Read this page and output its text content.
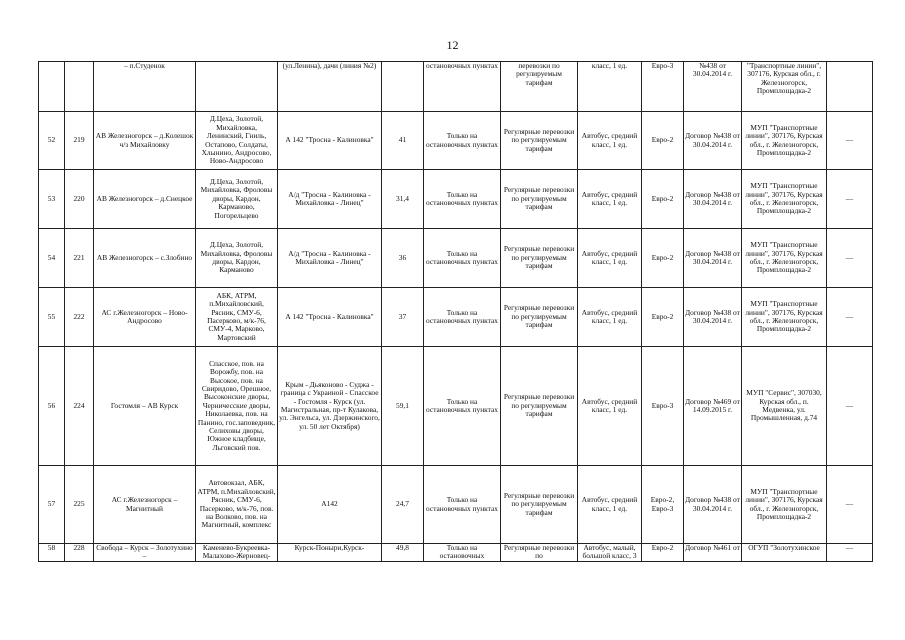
12
		– п.Студенок		(ул.Ленина), дачи (линия №2)		остановочных пунктах	перевозки по регулируемым тарифам	класс, 1 ед.	Евро-3	№438 от 30.04.2014 г.	"Транспортные линии", 307176, Курская обл., г. Железногорск, Промплощадка-2	
52	219	АВ Железногорск – д.Колешок ч/з Михайловку	Д.Цеха, Золотой, Михайловка, Ленинский, Гниль, Остапово, Солдаты, Хлынино, Андросово, Ново-Андросово	А 142 "Тросна - Калиновка"	41	Только на остановочных пунктах	Регулярные перевозки по регулируемым тарифам	Автобус, средний класс, 1 ед.	Евро-2	Договор №438 от 30.04.2014 г.	МУП "Транспортные линии", 307176, Курская обл., г. Железногорск, Промплощадка-2	—
53	220	АВ Железногорск – д.Снецкое	Д.Цеха, Золотой, Михайловка, Фроловы дворы, Кардон, Карманово, Погорельцево	А/д "Тросна - Калиновка - Михайловка - Линец"	31,4	Только на остановочных пунктах	Регулярные перевозки по регулируемым тарифам	Автобус, средний класс, 1 ед.	Евро-2	Договор №438 от 30.04.2014 г.	МУП "Транспортные линии", 307176, Курская обл., г. Железногорск, Промплощадка-2	—
54	221	АВ Железногорск – с.Злобино	Д.Цеха, Золотой, Михайловка, Фроловы дворы, Кардон, Карманово	А/д "Тросна - Калиновка - Михайловка - Линец"	36	Только на остановочных пунктах	Регулярные перевозки по регулируемым тарифам	Автобус, средний класс, 1 ед.	Евро-2	Договор №438 от 30.04.2014 г.	МУП "Транспортные линии", 307176, Курская обл., г. Железногорск, Промплощадка-2	—
55	222	АС г.Железногорск – Ново-Андросово	АБК, АТРМ, п.Михайловский, Рясник, СМУ-6, Пасерково, м/к-76, СМУ-4, Марково, Мартовский	А 142 "Тросна - Калиновка"	37	Только на остановочных пунктах	Регулярные перевозки по регулируемым тарифам	Автобус, средний класс, 1 ед.	Евро-2	Договор №438 от 30.04.2014 г.	МУП "Транспортные линии", 307176, Курская обл., г. Железногорск, Промплощадка-2	—
56	224	Гостомля – АВ Курск	Спасское, пов. на Ворожбу, пов. на Высокое, пов. на Свиридово, Орешное, Высоконские дворы, Черничесские дворы, Николаевка, пов. на Панино, гос.заповедник, Селиховы дворы, Южное кладбище, Льговский пов.	Крым - Дьяконово - Суджа - граница с Украиной - Спасское - Гостомля - Курск (ул. Магистральная, пр-т Кулакова, ул. Энгельса, ул. Дзержинского, ул. 50 лет Октября)	59,1	Только на остановочных пунктах	Регулярные перевозки по регулируемым тарифам	Автобус, средний класс, 1 ед.	Евро-3	Договор №469 от 14.09.2015 г.	МУП "Сервис", 307030, Курская обл., п. Медвенка, ул. Промышленная, д.74	—
57	225	АС г.Железногорск – Магнитный	Автовокзал, АБК, АТРМ, п.Михайловский, Рясник, СМУ-6, Пасерково, м/к-76, пов. на Волково, пов. на Магнитный, комплекс	А142	24,7	Только на остановочных пунктах	Регулярные перевозки по регулируемым тарифам	Автобус, средний класс, 1 ед.	Евро-2, Евро-3	Договор №438 от 30.04.2014 г.	МУП "Транспортные линии", 307176, Курская обл., г. Железногорск, Промплощадка-2	—
58	228	Свобода – Курск – Золотухино –	Каменево-Букреевка-Малахово-Жерновец-	Курск-Поныри,Курск-	49,8	Только на остановочных	Регулярные перевозки по	Автобус, малый, большой класс, 3	Евро-2	Договор №461 от	ОГУП "Золотухинское	—
